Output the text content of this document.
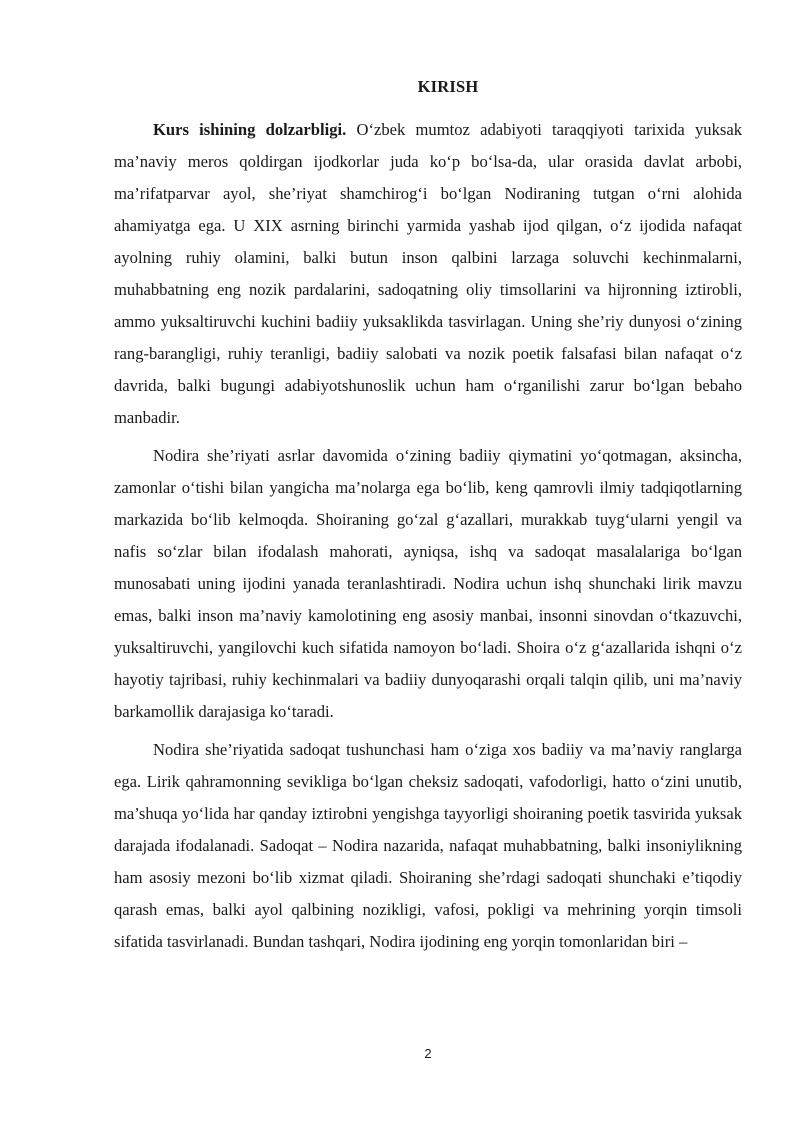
KIRISH

Kurs ishining dolzarbligi. O‘zbek mumtoz adabiyoti taraqqiyoti tarixida yuksak ma’naviy meros qoldirgan ijodkorlar juda ko‘p bo‘lsa-da, ular orasida davlat arbobi, ma’rifatparvar ayol, she’riyat shamchirog‘i bo‘lgan Nodiraning tutgan o‘rni alohida ahamiyatga ega. U XIX asrning birinchi yarmida yashab ijod qilgan, o‘z ijodida nafaqat ayolning ruhiy olamini, balki butun inson qalbini larzaga soluvchi kechinmalarni, muhabbatning eng nozik pardalarini, sadoqatning oliy timsollarini va hijronning iztirobli, ammo yuksaltiruvchi kuchini badiiy yuksaklikda tasvirlagan. Uning she’riy dunyosi o‘zining rang-barangligi, ruhiy teranligi, badiiy salobati va nozik poetik falsafasi bilan nafaqat o‘z davrida, balki bugungi adabiyotshunoslik uchun ham o‘rganilishi zarur bo‘lgan bebaho manbadir.

Nodira she’riyati asrlar davomida o‘zining badiiy qiymatini yo‘qotmagan, aksincha, zamonlar o‘tishi bilan yangicha ma’nolarga ega bo‘lib, keng qamrovli ilmiy tadqiqotlarning markazida bo‘lib kelmoqda. Shoiraning go‘zal g‘azallari, murakkab tuyg‘ularni yengil va nafis so‘zlar bilan ifodalash mahorati, ayniqsa, ishq va sadoqat masalalariga bo‘lgan munosabati uning ijodini yanada teranlashtiradi. Nodira uchun ishq shunchaki lirik mavzu emas, balki inson ma’naviy kamolotining eng asosiy manbai, insonni sinovdan o‘tkazuvchi, yuksaltiruvchi, yangilovchi kuch sifatida namoyon bo‘ladi. Shoira o‘z g‘azallarida ishqni o‘z hayotiy tajribasi, ruhiy kechinmalari va badiiy dunyoqarashi orqali talqin qilib, uni ma’naviy barkamollik darajasiga ko‘taradi.

Nodira she’riyatida sadoqat tushunchasi ham o‘ziga xos badiiy va ma’naviy ranglarga ega. Lirik qahramonning sevikliga bo‘lgan cheksiz sadoqati, vafodorligi, hatto o‘zini unutib, ma’shuqa yo‘lida har qanday iztirobni yengishga tayyorligi shoiraning poetik tasvirida yuksak darajada ifodalanadi. Sadoqat – Nodira nazarida, nafaqat muhabbatning, balki insoniylikning ham asosiy mezoni bo‘lib xizmat qiladi. Shoiraning she’rdagi sadoqati shunchaki e’tiqodiy qarash emas, balki ayol qalbining nozikligi, vafosi, pokligi va mehrining yorqin timsoli sifatida tasvirlanadi. Bundan tashqari, Nodira ijodining eng yorqin tomonlaridan biri –

2
